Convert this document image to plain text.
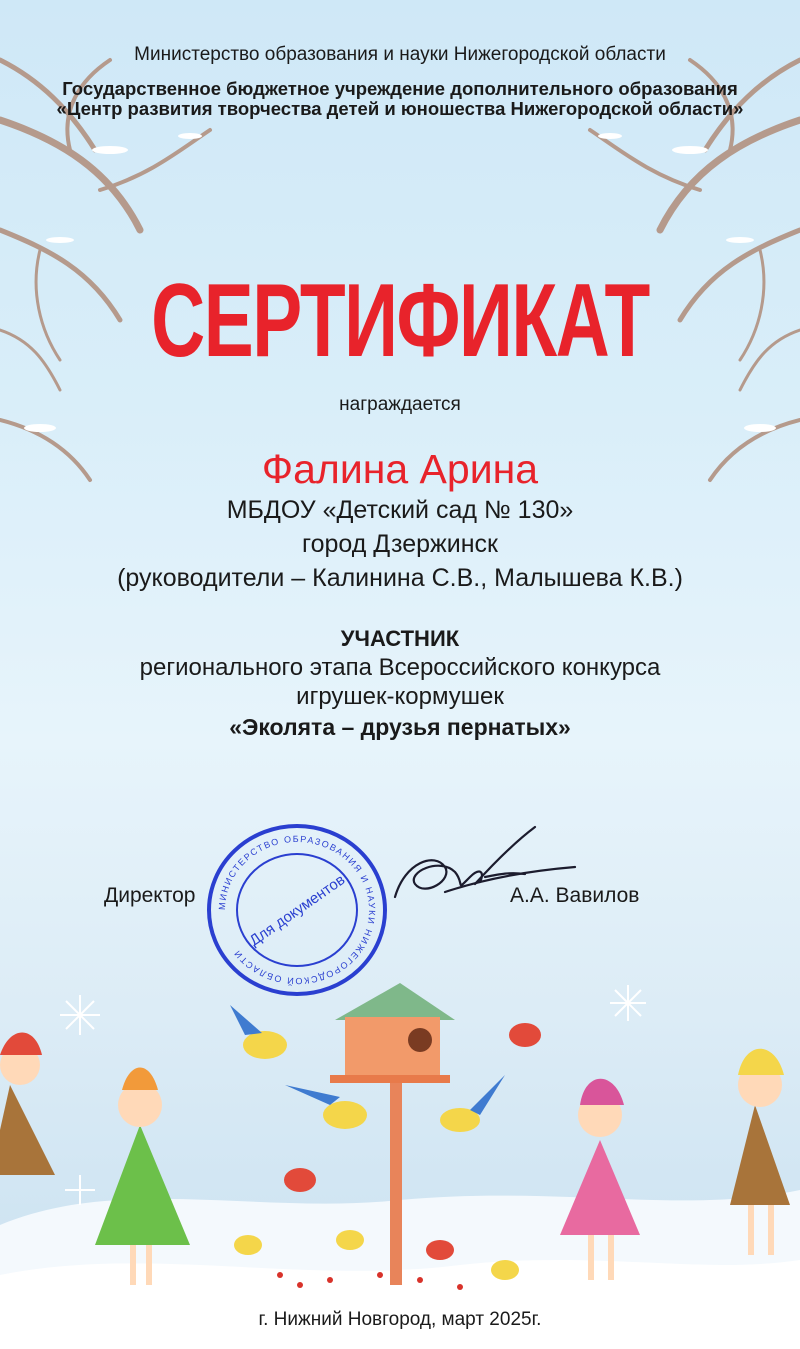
Министерство образования и науки Нижегородской области
Государственное бюджетное учреждение дополнительного образования
«Центр развития творчества детей и юношества Нижегородской области»
СЕРТИФИКАТ
награждается
Фалина Арина
МБДОУ «Детский сад № 130»
город Дзержинск
(руководители – Калинина С.В., Малышева К.В.)
УЧАСТНИК
регионального этапа Всероссийского конкурса
игрушек-кормушек
«Эколята – друзья пернатых»
Директор	А.А. Вавилов
МИНИСТЕРСТВО ОБРАЗОВАНИЯ И НАУКИ НИЖЕГОРОДСКОЙ ОБЛАСТИ
Для документов
г. Нижний Новгород, март 2025г.
